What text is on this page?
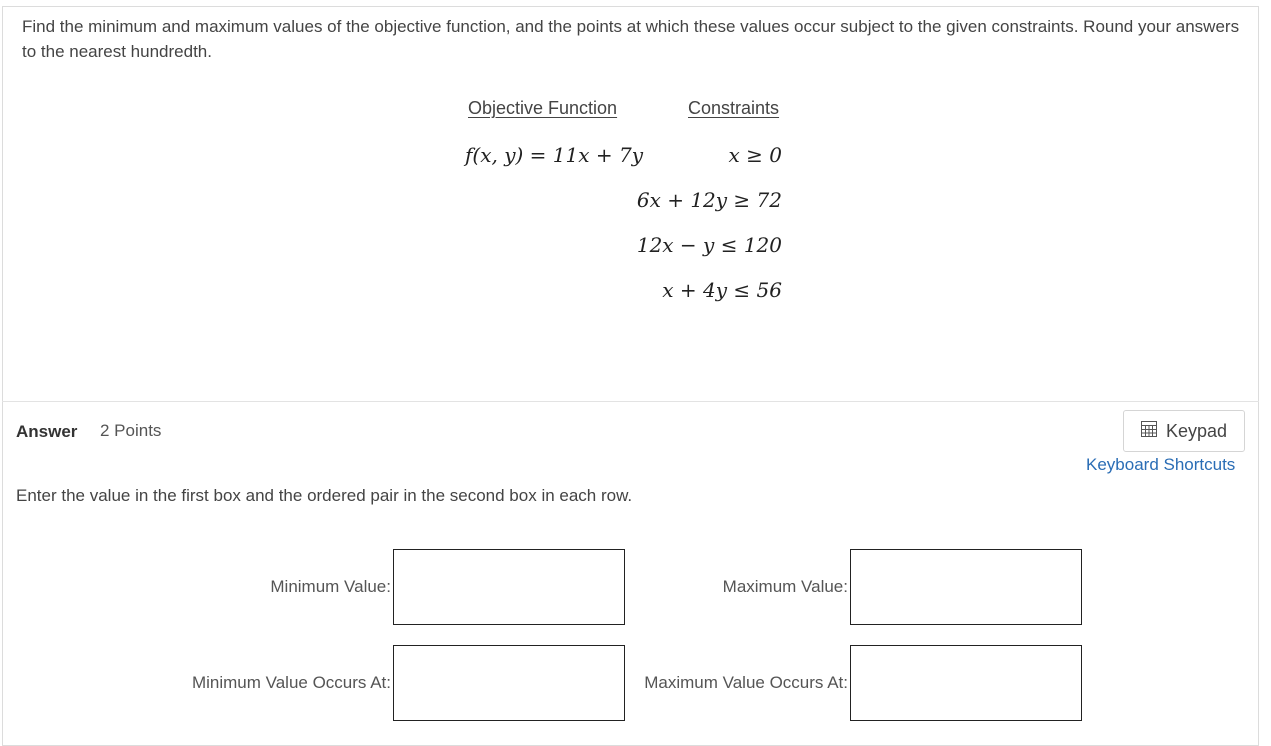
Find the minimum and maximum values of the objective function, and the points at which these values occur subject to the given constraints. Round your answers to the nearest hundredth.
Objective Function	Constraints
f(x, y) = 11x + 7y	x ≥ 0
6x + 12y ≥ 72
12x − y ≤ 120
x + 4y ≤ 56
Answer 2 Points	Keypad
Keyboard Shortcuts
Enter the value in the first box and the ordered pair in the second box in each row.
Minimum Value:	Maximum Value:
Minimum Value Occurs At:	Maximum Value Occurs At:
